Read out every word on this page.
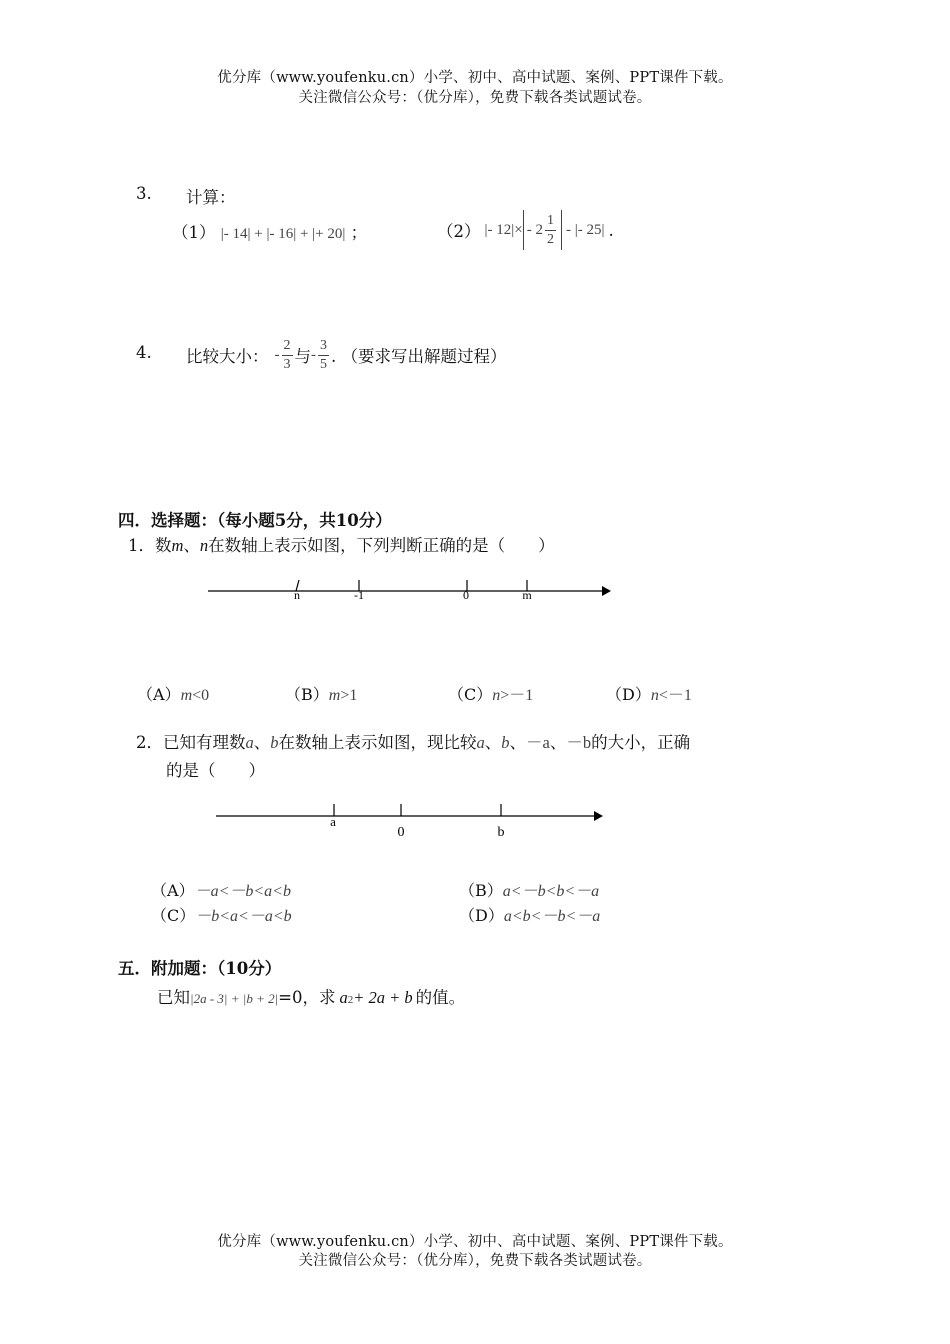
优分库（www.youfenku.cn）小学、初中、高中试题、案例、PPT课件下载。
关注微信公众号：（优分库），免费下载各类试题试卷。
3. 计算：
（1） |- 14| + |- 16| + |+ 20| ；	（2） |- 12| × - $2 \frac{1}{2}$ - |- 25| .
4. 比较大小： - $\frac{2}{3}$ 与 - $\frac{3}{5}$ . （要求写出解题过程）
四．选择题：（每小题5分，共10分）
1．数m、n在数轴上表示如图，下列判断正确的是（　　）
n	-1	0	m
（A）m<0	（B）m>1	（C）n>－1	（D）n<－1
2．已知有理数a、b在数轴上表示如图，现比较a、b、－a、－b的大小，正确
的是（　　）
a
0	b
（A）－a<－b<a<b	（B）a<－b<b<－a
（C）－b<a<－a<b	（D）a<b<－b<－a
五．附加题：（10分）
已知 |2a - 3| + |b + 2| =0，求 a 2 + 2a + b 的值。
优分库（www.youfenku.cn）小学、初中、高中试题、案例、PPT课件下载。
关注微信公众号：（优分库），免费下载各类试题试卷。
